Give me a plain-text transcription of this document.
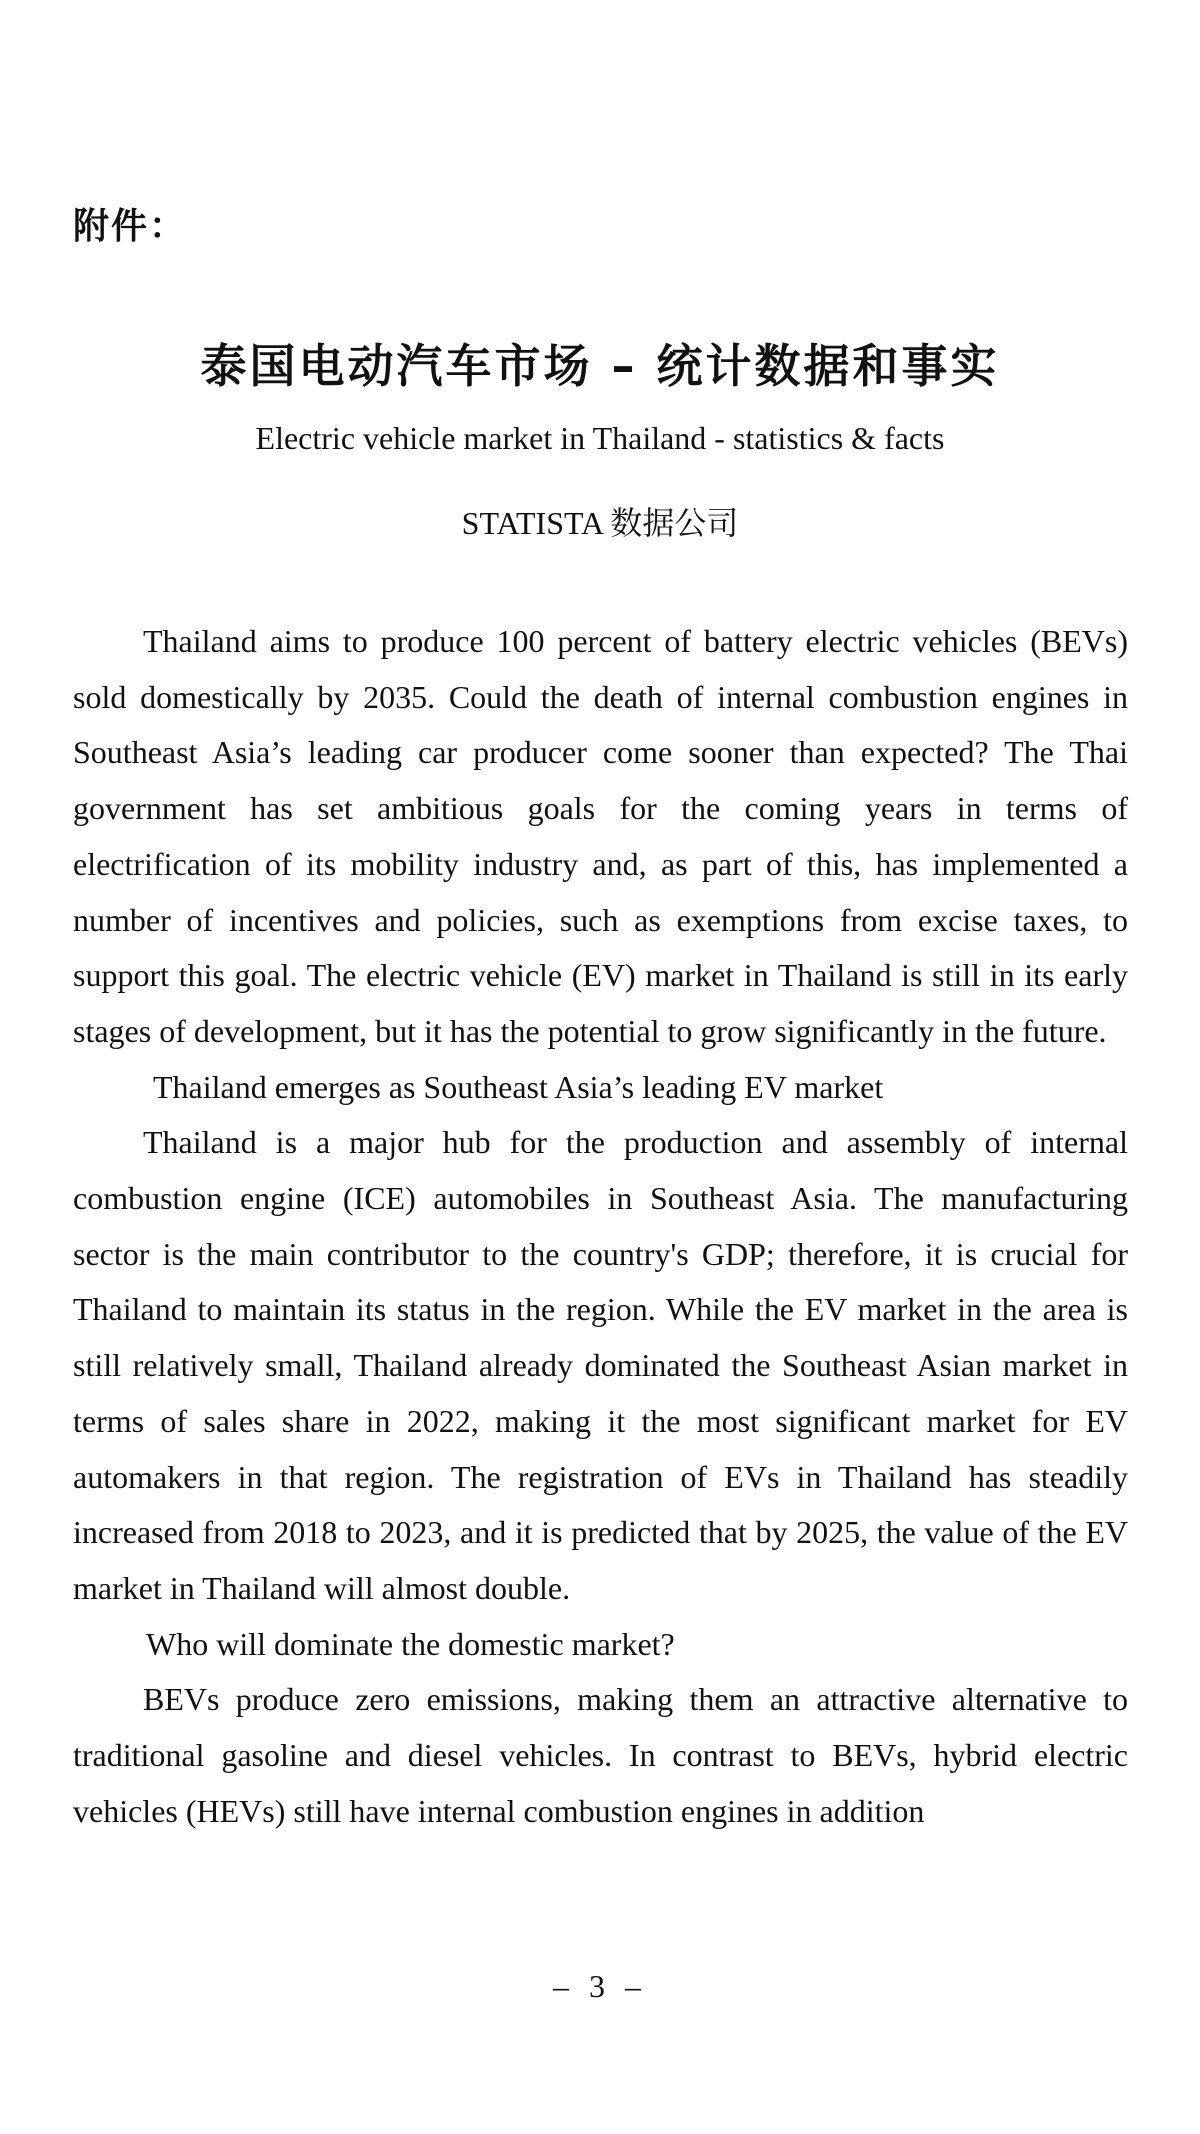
附件：

泰国电动汽车市场 – 统计数据和事实

Electric vehicle market in Thailand - statistics & facts

STATISTA 数据公司

Thailand aims to produce 100 percent of battery electric vehicles (BEVs) sold domestically by 2035. Could the death of internal combustion engines in Southeast Asia’s leading car producer come sooner than expected? The Thai government has set ambitious goals for the coming years in terms of electrification of its mobility industry and, as part of this, has implemented a number of incentives and policies, such as exemptions from excise taxes, to support this goal. The electric vehicle (EV) market in Thailand is still in its early stages of development, but it has the potential to grow significantly in the future.

Thailand emerges as Southeast Asia’s leading EV market

Thailand is a major hub for the production and assembly of internal combustion engine (ICE) automobiles in Southeast Asia. The manufacturing sector is the main contributor to the country's GDP; therefore, it is crucial for Thailand to maintain its status in the region. While the EV market in the area is still relatively small, Thailand already dominated the Southeast Asian market in terms of sales share in 2022, making it the most significant market for EV automakers in that region. The registration of EVs in Thailand has steadily increased from 2018 to 2023, and it is predicted that by 2025, the value of the EV market in Thailand will almost double.

Who will dominate the domestic market?

BEVs produce zero emissions, making them an attractive alternative to traditional gasoline and diesel vehicles. In contrast to BEVs, hybrid electric vehicles (HEVs) still have internal combustion engines in addition

– 3 –
